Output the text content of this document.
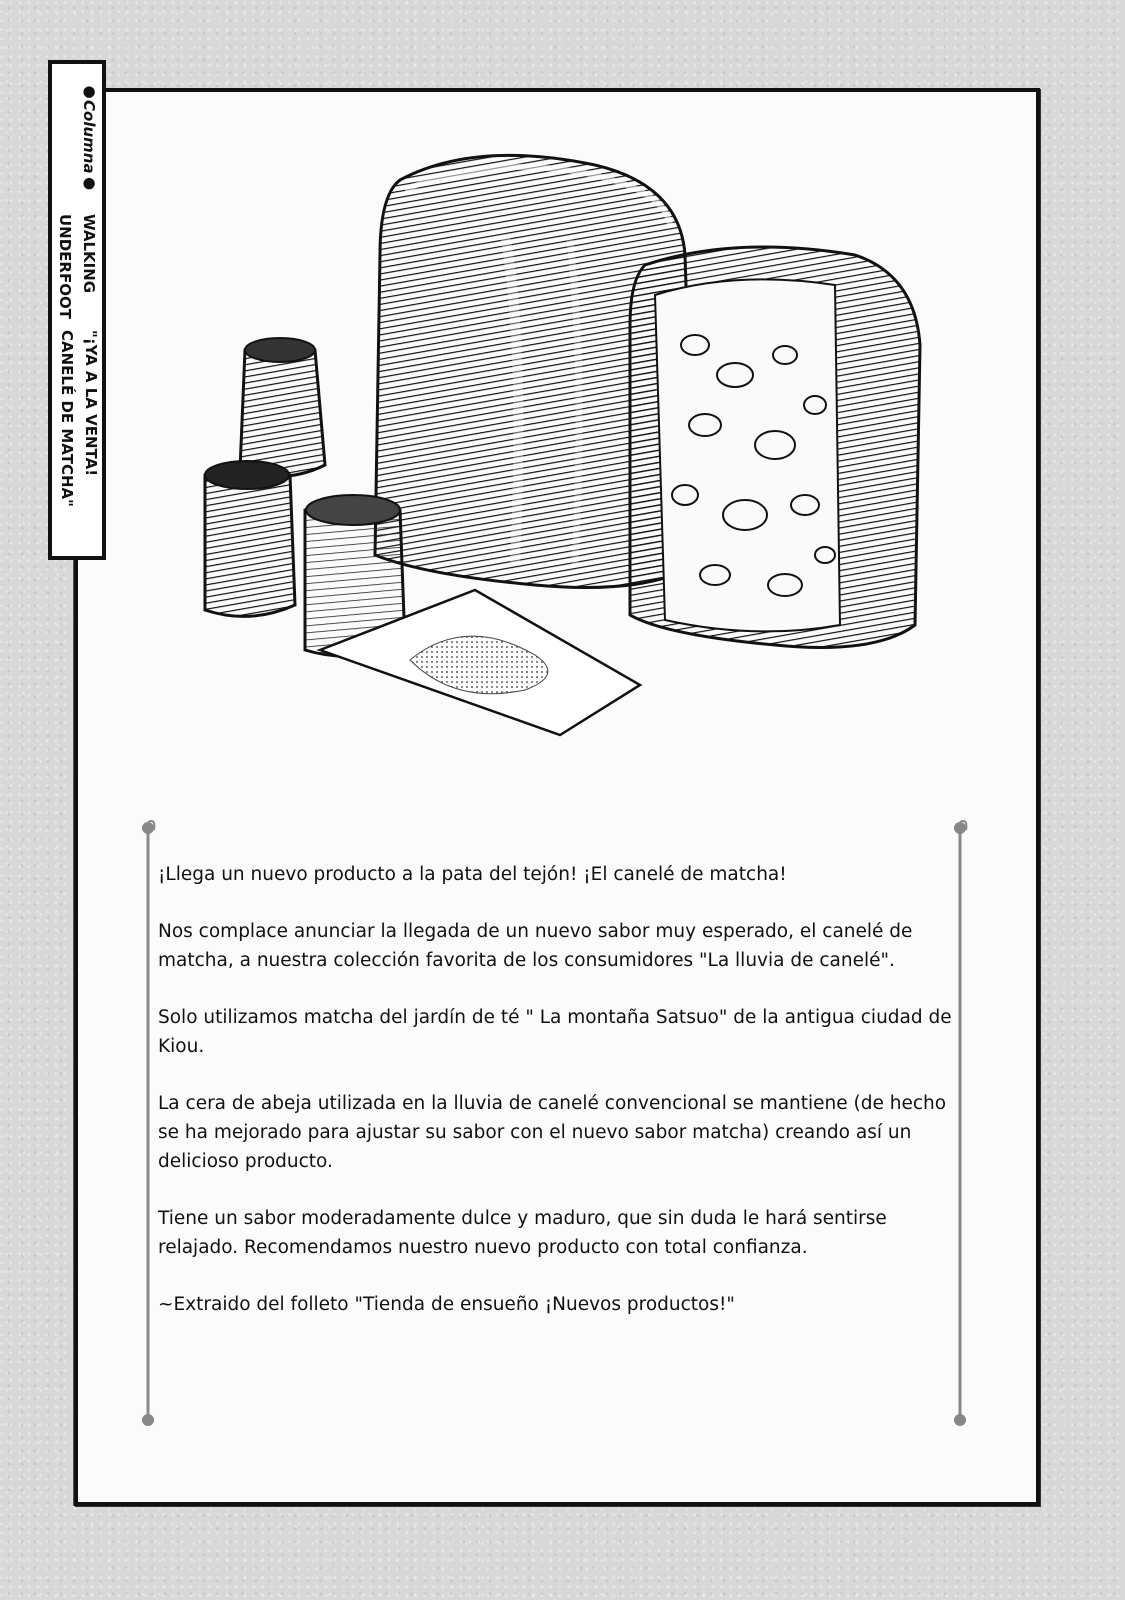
●Columna●
WALKING
UNDERFOOT
"¡YA A LA VENTA!
CANELÉ DE MATCHA"

¡Llega un nuevo producto a la pata del tejón! ¡El canelé de matcha!

Nos complace anunciar la llegada de un nuevo sabor muy esperado, el canelé de matcha, a nuestra colección favorita de los consumidores "La lluvia de canelé".

Solo utilizamos matcha del jardín de té " La montaña Satsuo" de la antigua ciudad de Kiou.

La cera de abeja utilizada en la lluvia de canelé convencional se mantiene (de hecho se ha mejorado para ajustar su sabor con el nuevo sabor matcha) creando así un delicioso producto.

Tiene un sabor moderadamente dulce y maduro, que sin duda le hará sentirse relajado. Recomendamos nuestro nuevo producto con total confianza.

~Extraido del folleto "Tienda de ensueño ¡Nuevos productos!"
